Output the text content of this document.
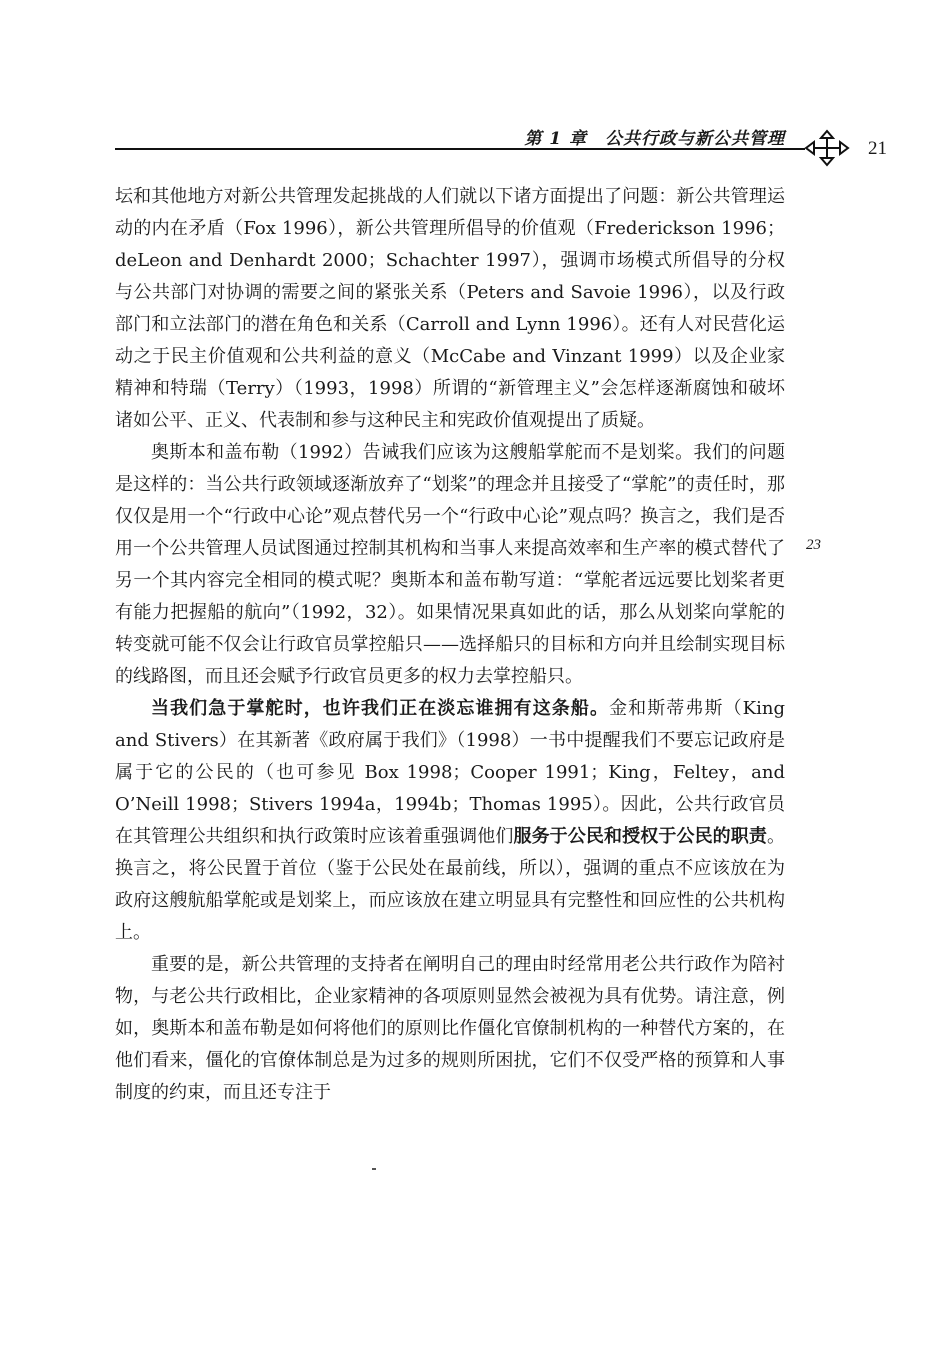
第 1 章　公共行政与新公共管理	21
23

坛和其他地方对新公共管理发起挑战的人们就以下诸方面提出了问题：新公共管理运动的内在矛盾（Fox 1996），新公共管理所倡导的价值观（Frederickson 1996；deLeon and Denhardt 2000；Schachter 1997），强调市场模式所倡导的分权与公共部门对协调的需要之间的紧张关系（Peters and Savoie 1996），以及行政部门和立法部门的潜在角色和关系（Carroll and Lynn 1996）。还有人对民营化运动之于民主价值观和公共利益的意义（McCabe and Vinzant 1999）以及企业家精神和特瑞（Terry）（1993，1998）所谓的“新管理主义”会怎样逐渐腐蚀和破坏诸如公平、正义、代表制和参与这种民主和宪政价值观提出了质疑。

奥斯本和盖布勒（1992）告诫我们应该为这艘船掌舵而不是划桨。我们的问题是这样的：当公共行政领域逐渐放弃了“划桨”的理念并且接受了“掌舵”的责任时，那仅仅是用一个“行政中心论”观点替代另一个“行政中心论”观点吗？换言之，我们是否用一个公共管理人员试图通过控制其机构和当事人来提高效率和生产率的模式替代了另一个其内容完全相同的模式呢？奥斯本和盖布勒写道：“掌舵者远远要比划桨者更有能力把握船的航向”（1992，32）。如果情况果真如此的话，那么从划桨向掌舵的转变就可能不仅会让行政官员掌控船只——选择船只的目标和方向并且绘制实现目标的线路图，而且还会赋予行政官员更多的权力去掌控船只。

当我们急于掌舵时，也许我们正在淡忘谁拥有这条船。金和斯蒂弗斯（King and Stivers）在其新著《政府属于我们》（1998）一书中提醒我们不要忘记政府是属于它的公民的（也可参见 Box 1998；Cooper 1991；King，Feltey，and O’Neill 1998；Stivers 1994a，1994b；Thomas 1995）。因此，公共行政官员在其管理公共组织和执行政策时应该着重强调他们服务于公民和授权于公民的职责。换言之，将公民置于首位（鉴于公民处在最前线，所以），强调的重点不应该放在为政府这艘航船掌舵或是划桨上，而应该放在建立明显具有完整性和回应性的公共机构上。

重要的是，新公共管理的支持者在阐明自己的理由时经常用老公共行政作为陪衬物，与老公共行政相比，企业家精神的各项原则显然会被视为具有优势。请注意，例如，奥斯本和盖布勒是如何将他们的原则比作僵化官僚制机构的一种替代方案的，在他们看来，僵化的官僚体制总是为过多的规则所困扰，它们不仅受严格的预算和人事制度的约束，而且还专注于
